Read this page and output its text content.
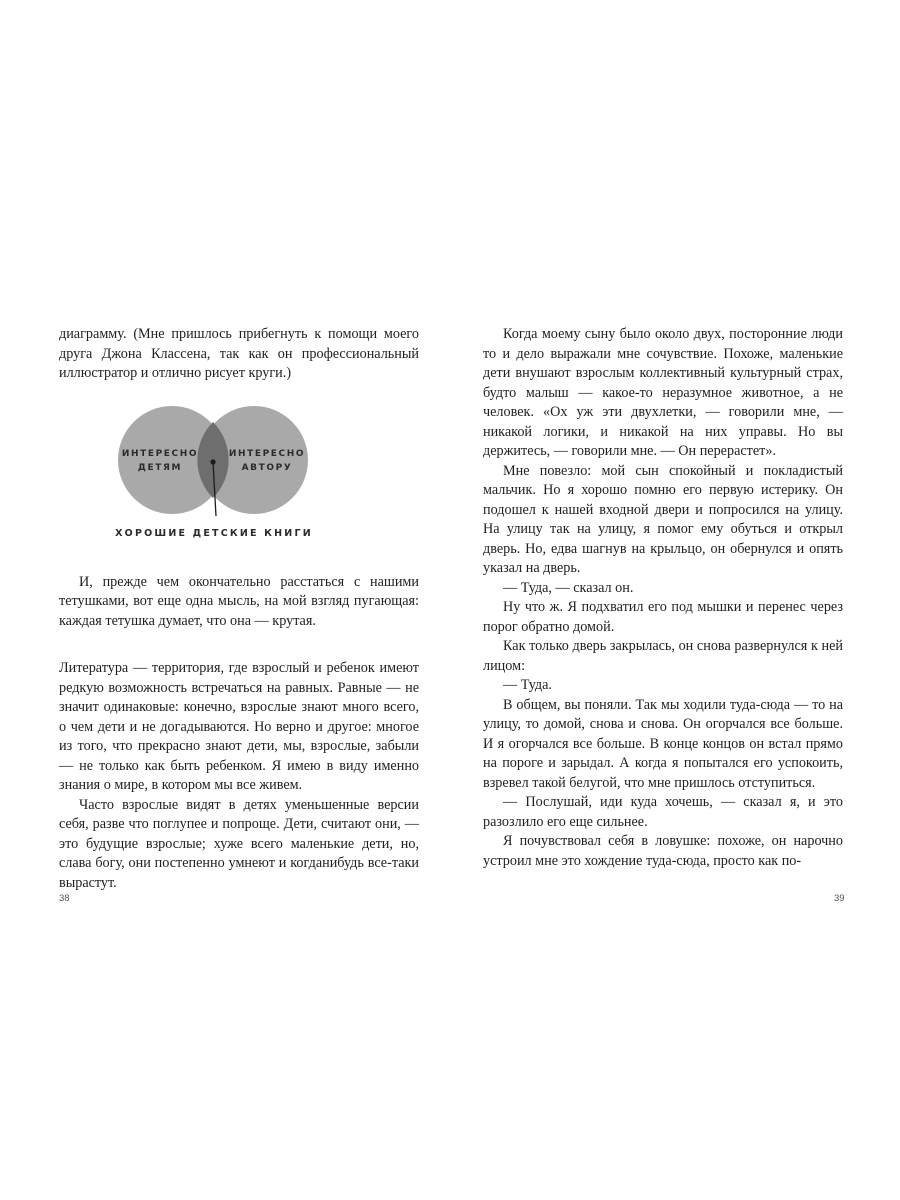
диаграмму. (Мне пришлось прибегнуть к помощи моего друга Джона Классена, так как он профессиональный иллюстратор и отлично рисует круги.)

ИНТЕРЕСНО
ДЕТЯМ
ИНТЕРЕСНО
АВТОРУ
ХОРОШИЕ ДЕТСКИЕ КНИГИ

И, прежде чем окончательно расстаться с нашими тетушками, вот еще одна мысль, на мой взгляд пугающая: каждая тетушка думает, что она — крутая.

Литература — территория, где взрослый и ребенок имеют редкую возможность встречаться на равных. Равные — не значит одинаковые: конечно, взрослые знают много всего, о чем дети и не догадываются. Но верно и другое: многое из того, что прекрасно знают дети, мы, взрослые, забыли — не только как быть ребенком. Я имею в виду именно знания о мире, в котором мы все живем.

Часто взрослые видят в детях уменьшенные версии себя, разве что поглупее и попроще. Дети, считают они, — это будущие взрослые; хуже всего маленькие дети, но, слава богу, они постепенно умнеют и когданибудь все-таки вырастут.

38

Когда моему сыну было около двух, посторонние люди то и дело выражали мне сочувствие. Похоже, маленькие дети внушают взрослым коллективный культурный страх, будто малыш — какое-то неразумное животное, а не человек. «Ох уж эти двухлетки, — говорили мне, — никакой логики, и никакой на них управы. Но вы держитесь, — говорили мне. — Он перерастет».

Мне повезло: мой сын спокойный и покладистый мальчик. Но я хорошо помню его первую истерику. Он подошел к нашей входной двери и попросился на улицу. На улицу так на улицу, я помог ему обуться и открыл дверь. Но, едва шагнув на крыльцо, он обернулся и опять указал на дверь.

— Туда, — сказал он.

Ну что ж. Я подхватил его под мышки и перенес через порог обратно домой.

Как только дверь закрылась, он снова развернулся к ней лицом:

— Туда.

В общем, вы поняли. Так мы ходили туда-сюда — то на улицу, то домой, снова и снова. Он огорчался все больше. И я огорчался все больше. В конце концов он встал прямо на пороге и зарыдал. А когда я попытался его успокоить, взревел такой белугой, что мне пришлось отступиться.

— Послушай, иди куда хочешь, — сказал я, и это разозлило его еще сильнее.

Я почувствовал себя в ловушке: похоже, он нарочно устроил мне это хождение туда-сюда, просто как по-

39
